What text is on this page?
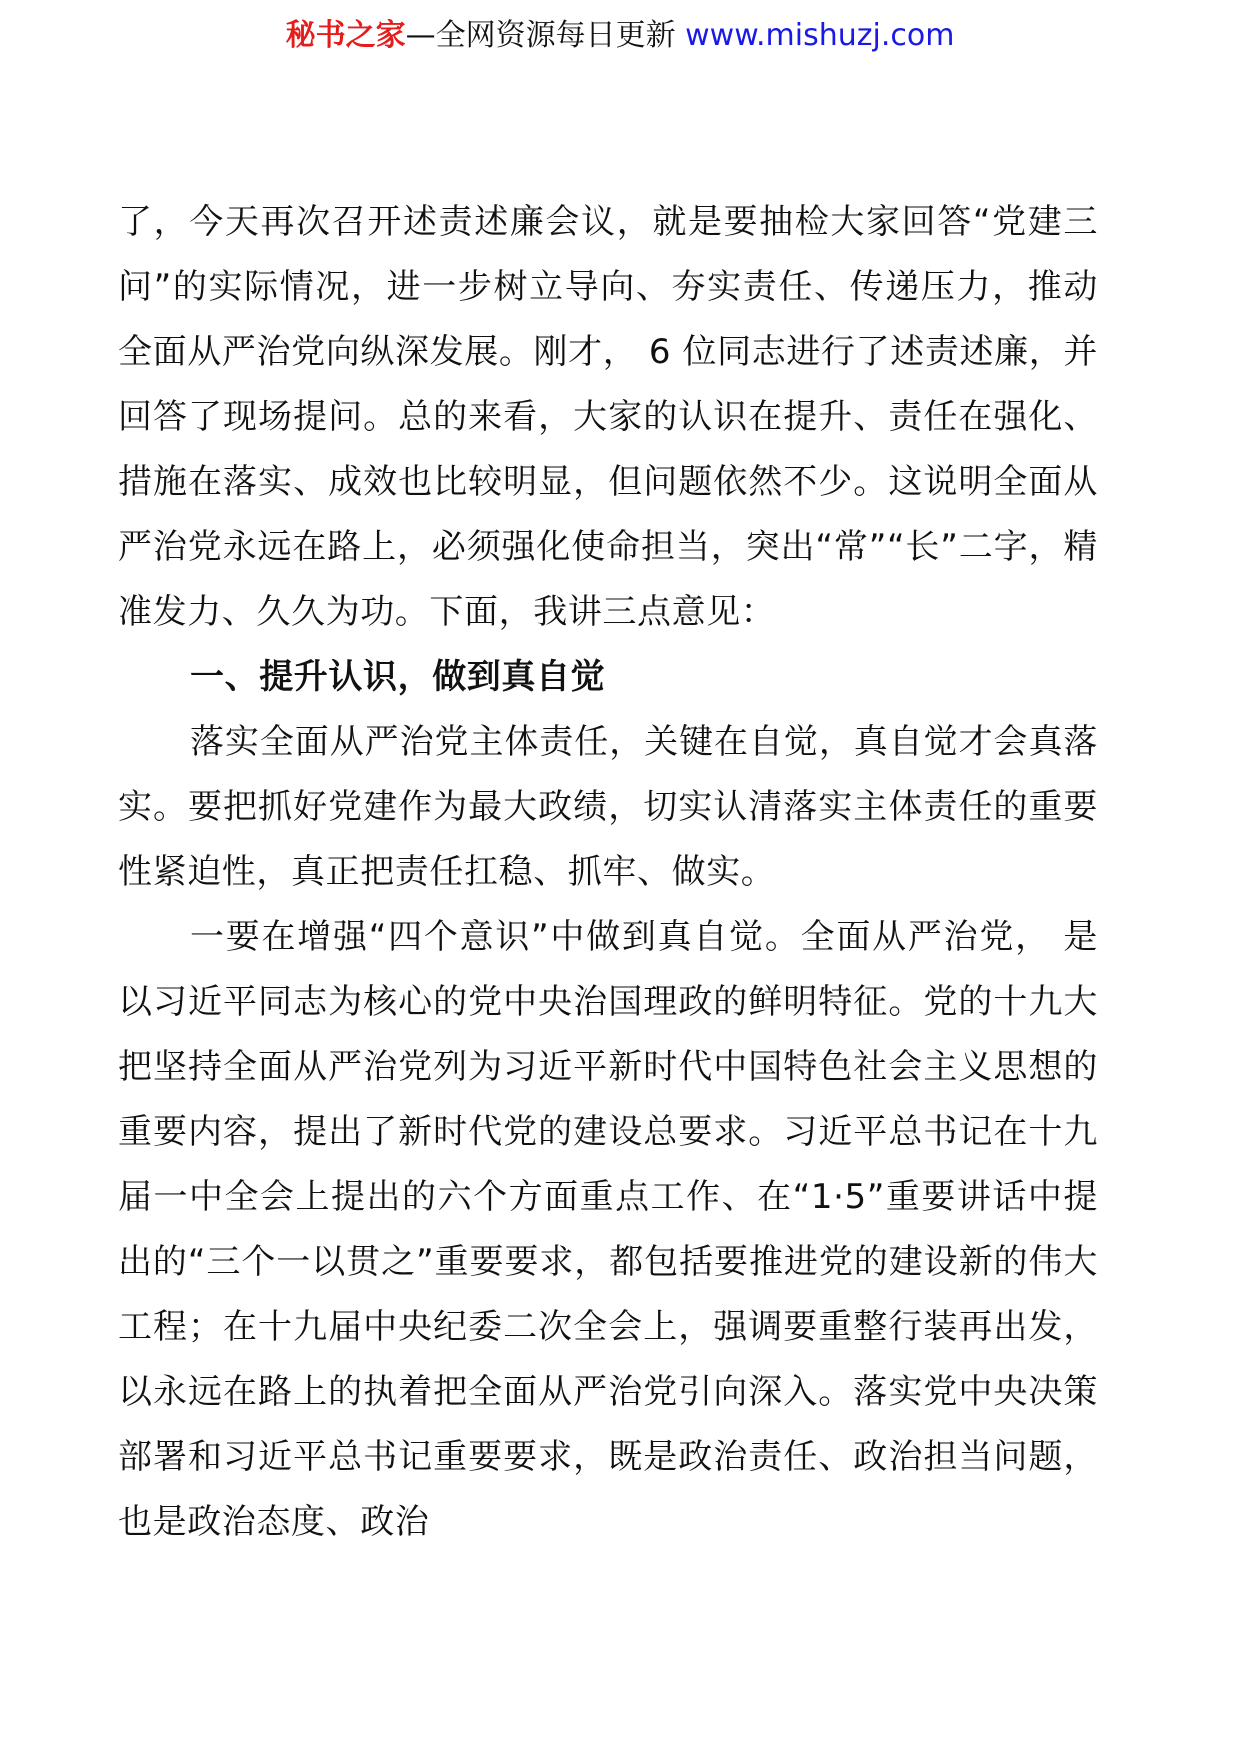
秘书之家—全网资源每日更新 www.mishuzj.com

了，今天再次召开述责述廉会议，就是要抽检大家回答“党建三问”的实际情况，进一步树立导向、夯实责任、传递压力，推动全面从严治党向纵深发展。刚才， 6 位同志进行了述责述廉，并回答了现场提问。总的来看，大家的认识在提升、责任在强化、措施在落实、成效也比较明显，但问题依然不少。这说明全面从严治党永远在路上，必须强化使命担当，突出“常”“长”二字，精准发力、久久为功。下面，我讲三点意见：

一、提升认识，做到真自觉

落实全面从严治党主体责任，关键在自觉，真自觉才会真落实。要把抓好党建作为最大政绩，切实认清落实主体责任的重要性紧迫性，真正把责任扛稳、抓牢、做实。

一要在增强“四个意识”中做到真自觉。全面从严治党， 是以习近平同志为核心的党中央治国理政的鲜明特征。党的十九大把坚持全面从严治党列为习近平新时代中国特色社会主义思想的重要内容，提出了新时代党的建设总要求。习近平总书记在十九届一中全会上提出的六个方面重点工作、在“1·5”重要讲话中提出的“三个一以贯之”重要要求，都包括要推进党的建设新的伟大工程；在十九届中央纪委二次全会上，强调要重整行装再出发， 以永远在路上的执着把全面从严治党引向深入。落实党中央决策部署和习近平总书记重要要求，既是政治责任、政治担当问题，也是政治态度、政治
